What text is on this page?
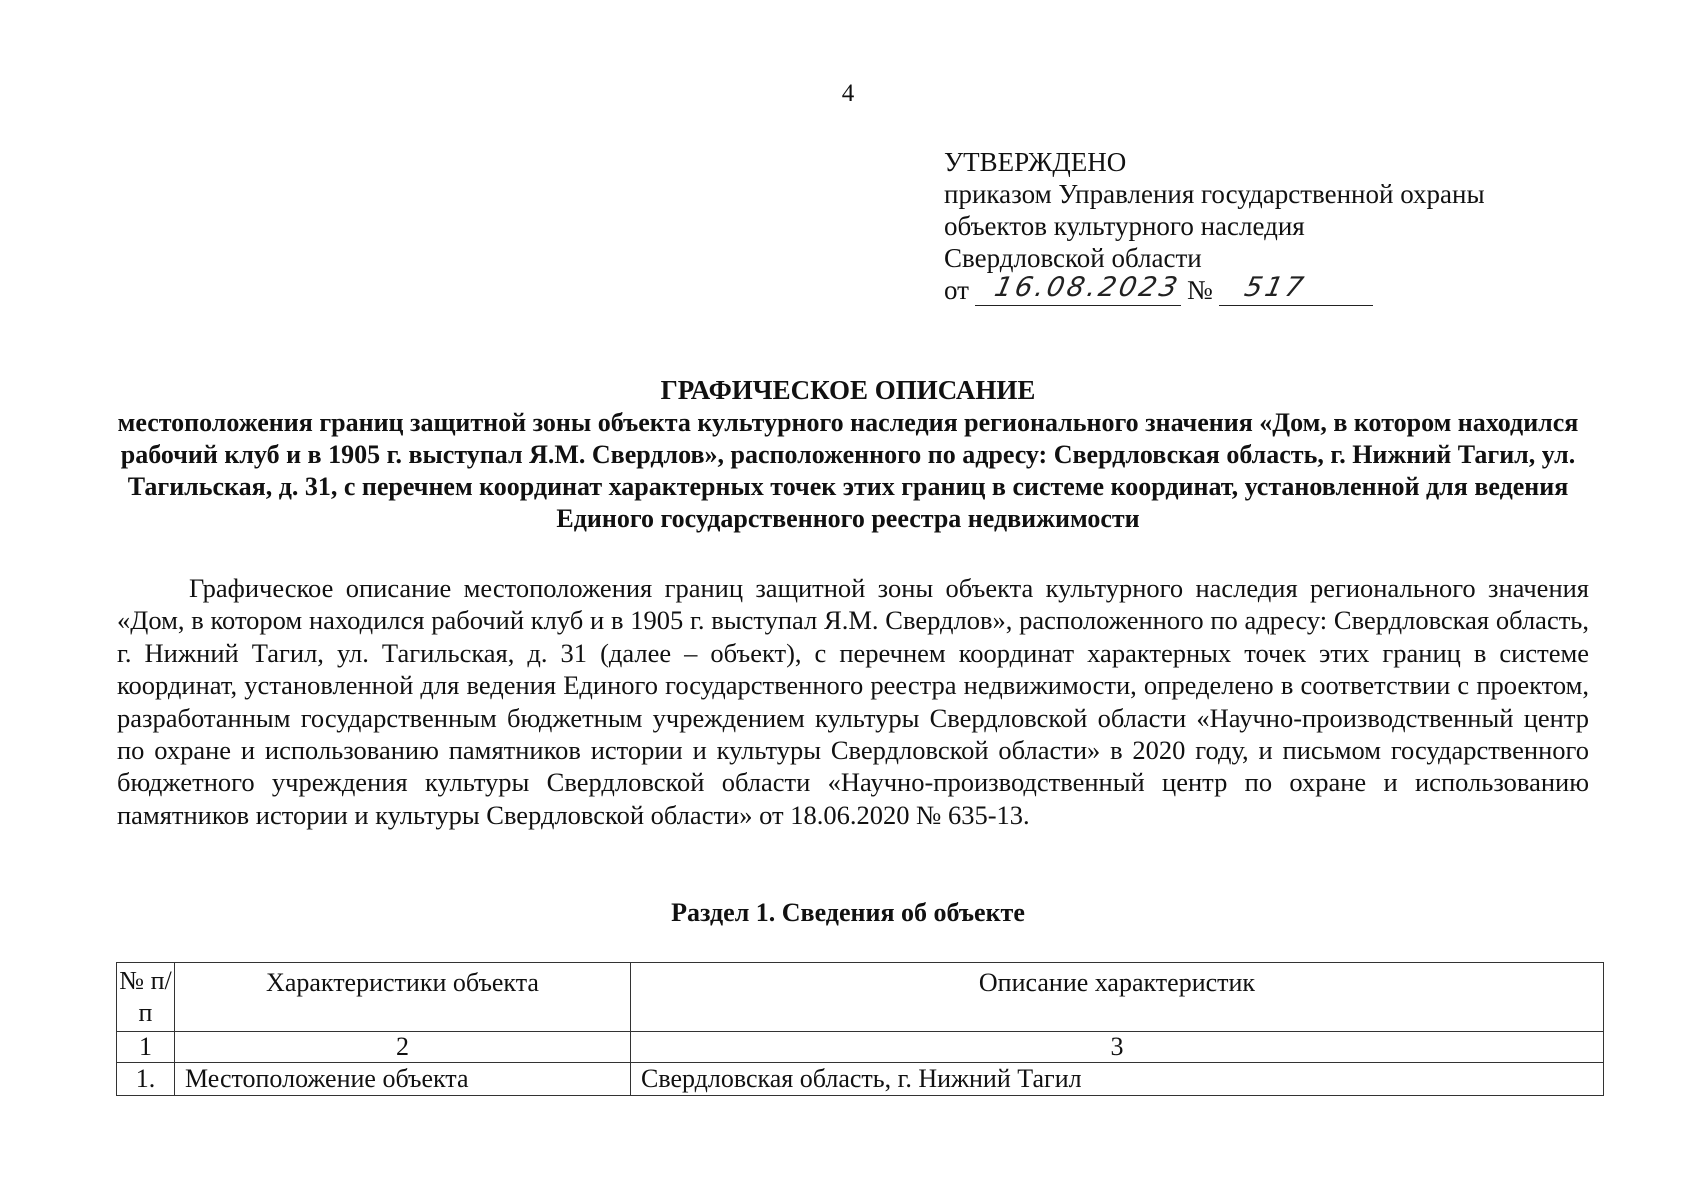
4
УТВЕРЖДЕНО
приказом Управления государственной охраны
объектов культурного наследия
Свердловской области
от 16.08.2023 № 517
ГРАФИЧЕСКОЕ ОПИСАНИЕ
местоположения границ защитной зоны объекта культурного наследия регионального значения «Дом, в котором находился рабочий клуб и в 1905 г. выступал Я.М. Свердлов», расположенного по адресу: Свердловская область, г. Нижний Тагил, ул. Тагильская, д. 31, с перечнем координат характерных точек этих границ в системе координат, установленной для ведения Единого государственного реестра недвижимости

Графическое описание местоположения границ защитной зоны объекта культурного наследия регионального значения «Дом, в котором находился рабочий клуб и в 1905 г. выступал Я.М. Свердлов», расположенного по адресу: Свердловская область, г. Нижний Тагил, ул. Тагильская, д. 31 (далее – объект), с перечнем координат характерных точек этих границ в системе координат, установленной для ведения Единого государственного реестра недвижимости, определено в соответствии с проектом, разработанным государственным бюджетным учреждением культуры Свердловской области «Научно-производственный центр по охране и использованию памятников истории и культуры Свердловской области» в 2020 году, и письмом государственного бюджетного учреждения культуры Свердловской области «Научно-производственный центр по охране и использованию памятников истории и культуры Свердловской области» от 18.06.2020 № 635-13.

Раздел 1. Сведения об объекте
№ п/п	Характеристики объекта	Описание характеристик
1	2	3
1.	Местоположение объекта	Свердловская область, г. Нижний Тагил
